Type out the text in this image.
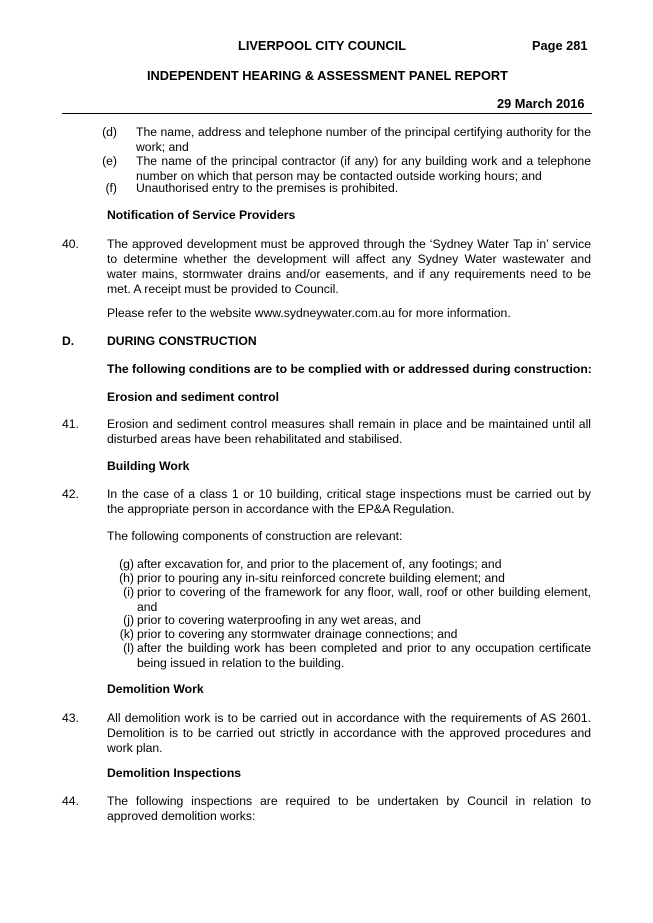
LIVERPOOL CITY COUNCIL	Page 281
INDEPENDENT HEARING & ASSESSMENT PANEL REPORT
29 March 2016
(d) The name, address and telephone number of the principal certifying authority for the work; and
(e) The name of the principal contractor (if any) for any building work and a telephone number on which that person may be contacted outside working hours; and
(f) Unauthorised entry to the premises is prohibited.
Notification of Service Providers
40. The approved development must be approved through the ‘Sydney Water Tap in’ service to determine whether the development will affect any Sydney Water wastewater and water mains, stormwater drains and/or easements, and if any requirements need to be met. A receipt must be provided to Council.
Please refer to the website www.sydneywater.com.au for more information.
D.	DURING CONSTRUCTION
The following conditions are to be complied with or addressed during construction:
Erosion and sediment control
41. Erosion and sediment control measures shall remain in place and be maintained until all disturbed areas have been rehabilitated and stabilised.
Building Work
42. In the case of a class 1 or 10 building, critical stage inspections must be carried out by the appropriate person in accordance with the EP&A Regulation.
The following components of construction are relevant:
(g) after excavation for, and prior to the placement of, any footings; and
(h) prior to pouring any in-situ reinforced concrete building element; and
(i) prior to covering of the framework for any floor, wall, roof or other building element, and
(j) prior to covering waterproofing in any wet areas, and
(k) prior to covering any stormwater drainage connections; and
(l) after the building work has been completed and prior to any occupation certificate being issued in relation to the building.
Demolition Work
43. All demolition work is to be carried out in accordance with the requirements of AS 2601. Demolition is to be carried out strictly in accordance with the approved procedures and work plan.
Demolition Inspections
44. The following inspections are required to be undertaken by Council in relation to approved demolition works:
